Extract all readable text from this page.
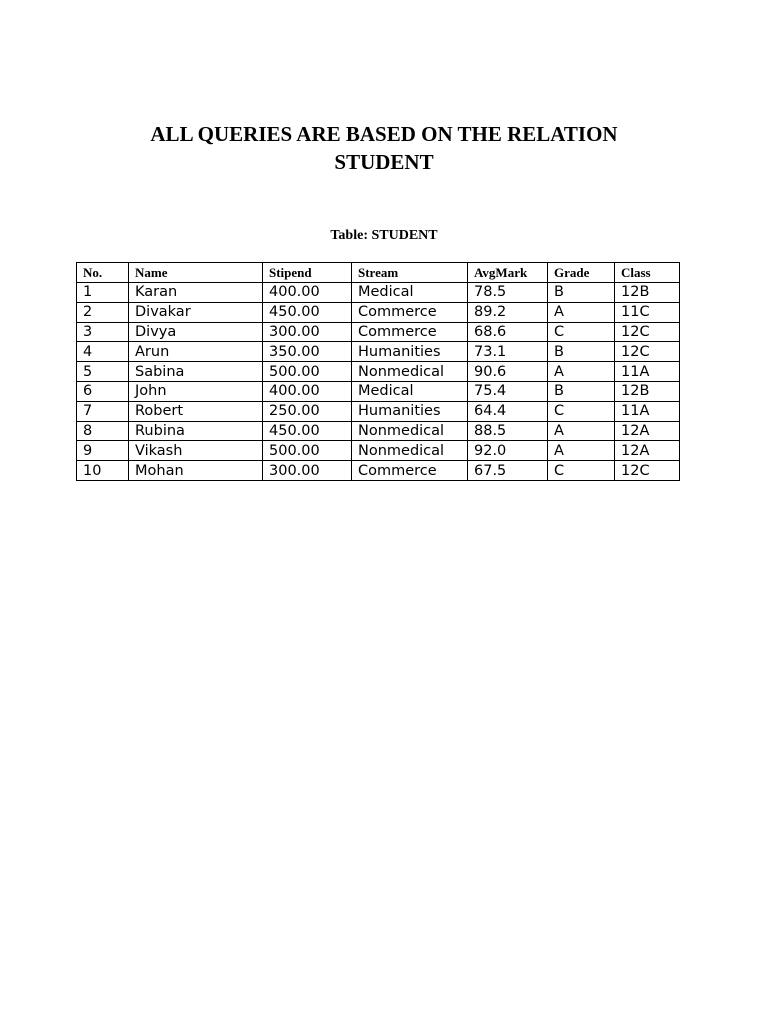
ALL QUERIES ARE BASED ON THE RELATION
STUDENT
Table: STUDENT
No.	Name	Stipend	Stream	AvgMark	Grade	Class
1	Karan	400.00	Medical	78.5	B	12B
2	Divakar	450.00	Commerce	89.2	A	11C
3	Divya	300.00	Commerce	68.6	C	12C
4	Arun	350.00	Humanities	73.1	B	12C
5	Sabina	500.00	Nonmedical	90.6	A	11A
6	John	400.00	Medical	75.4	B	12B
7	Robert	250.00	Humanities	64.4	C	11A
8	Rubina	450.00	Nonmedical	88.5	A	12A
9	Vikash	500.00	Nonmedical	92.0	A	12A
10	Mohan	300.00	Commerce	67.5	C	12C
